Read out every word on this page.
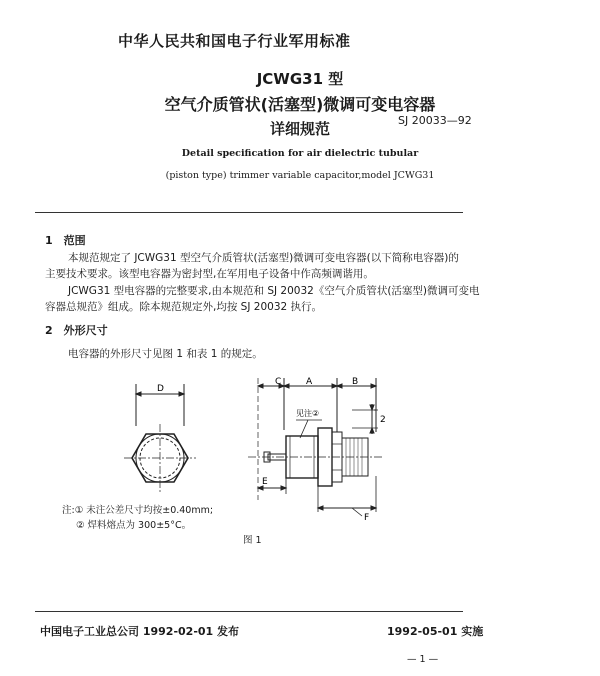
中华人民共和国电子行业军用标准
JCWG31 型
空气介质管状(活塞型)微调可变电容器
详细规范	SJ 20033—92
Detail specification for air dielectric tubular
(piston type) trimmer variable capacitor,model JCWG31
1　范围
本规范规定了 JCWG31 型空气介质管状(活塞型)微调可变电容器(以下简称电容器)的
主要技术要求。该型电容器为密封型,在军用电子设备中作高频调谐用。
JCWG31 型电容器的完整要求,由本规范和 SJ 20032《空气介质管状(活塞型)微调可变电
容器总规范》组成。除本规范规定外,均按 SJ 20032 执行。
2　外形尺寸
电容器的外形尺寸见图 1 和表 1 的规定。
D
C	A	B
2
见注②
E
F
注:① 未注公差尺寸均按±0.40mm;
② 焊料熔点为 300±5°C。
图 1
中国电子工业总公司 1992-02-01 发布	1992-05-01 实施
— 1 —
